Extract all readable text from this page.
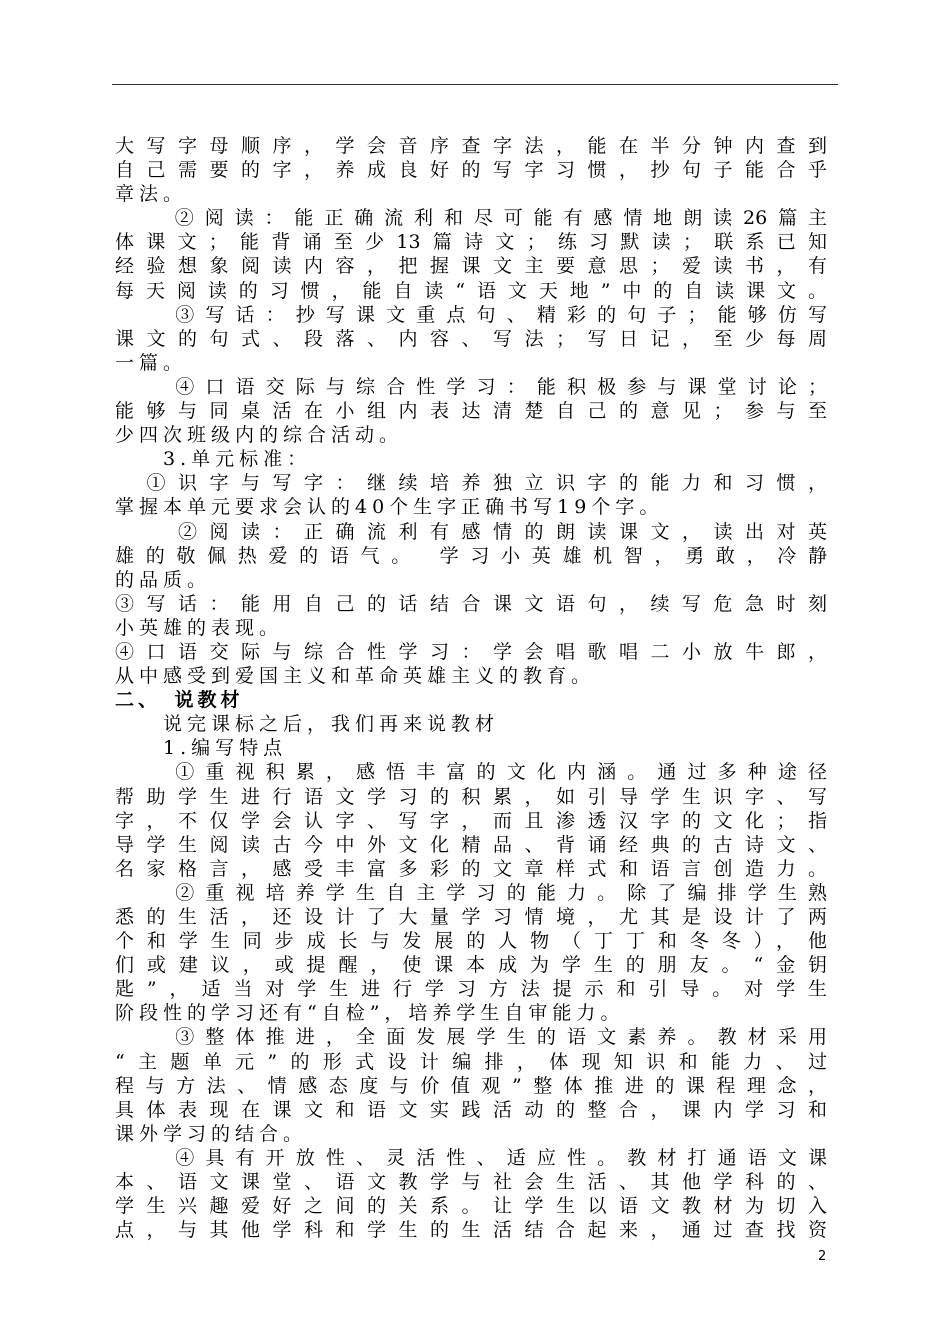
大写字母顺序，学会音序查字法，能在半分钟内查到
自己需要的字，养成良好的写字习惯，抄句子能合乎
章法。
　　②阅读：能正确流利和尽可能有感情地朗读26篇主
体课文；能背诵至少13篇诗文；练习默读；联系已知
经验想象阅读内容，把握课文主要意思；爱读书，有
每天阅读的习惯，能自读“语文天地”中的自读课文。
　　③写话：抄写课文重点句、精彩的句子；能够仿写
课文的句式、段落、内容、写法；写日记，至少每周
一篇。
　　④口语交际与综合性学习：能积极参与课堂讨论；
能够与同桌活在小组内表达清楚自己的意见；参与至
少四次班级内的综合活动。
　　3.单元标准：
　①识字与写字：继续培养独立识字的能力和习惯，
掌握本单元要求会认的40个生字正确书写19个字。
　　②阅读：正确流利有感情的朗读课文，读出对英
雄的敬佩热爱的语气。 学习小英雄机智，勇敢，冷静
的品质。
③写话：能用自己的话结合课文语句，续写危急时刻
小英雄的表现。
④口语交际与综合性学习：学会唱歌唱二小放牛郎，
从中感受到爱国主义和革命英雄主义的教育。
二、　说教材
　　说完课标之后，我们再来说教材
　　1.编写特点
　　①重视积累，感悟丰富的文化内涵。通过多种途径
帮助学生进行语文学习的积累，如引导学生识字、写
字，不仅学会认字、写字，而且渗透汉字的文化；指
导学生阅读古今中外文化精品、背诵经典的古诗文、
名家格言，感受丰富多彩的文章样式和语言创造力。
　　②重视培养学生自主学习的能力。除了编排学生熟
悉的生活，还设计了大量学习情境，尤其是设计了两
个和学生同步成长与发展的人物（丁丁和冬冬），他
们或建议，或提醒，使课本成为学生的朋友。“金钥
匙”，适当对学生进行学习方法提示和引导。对学生
阶段性的学习还有“自检”，培养学生自审能力。
　　③整体推进，全面发展学生的语文素养。教材采用
“主题单元”的形式设计编排，体现知识和能力、过
程与方法、情感态度与价值观”整体推进的课程理念，
具体表现在课文和语文实践活动的整合，课内学习和
课外学习的结合。
　　④具有开放性、灵活性、适应性。教材打通语文课
本、语文课堂、语文教学与社会生活、其他学科的、
学生兴趣爱好之间的关系。让学生以语文教材为切入
点，与其他学科和学生的生活结合起来，通过查找资
2
